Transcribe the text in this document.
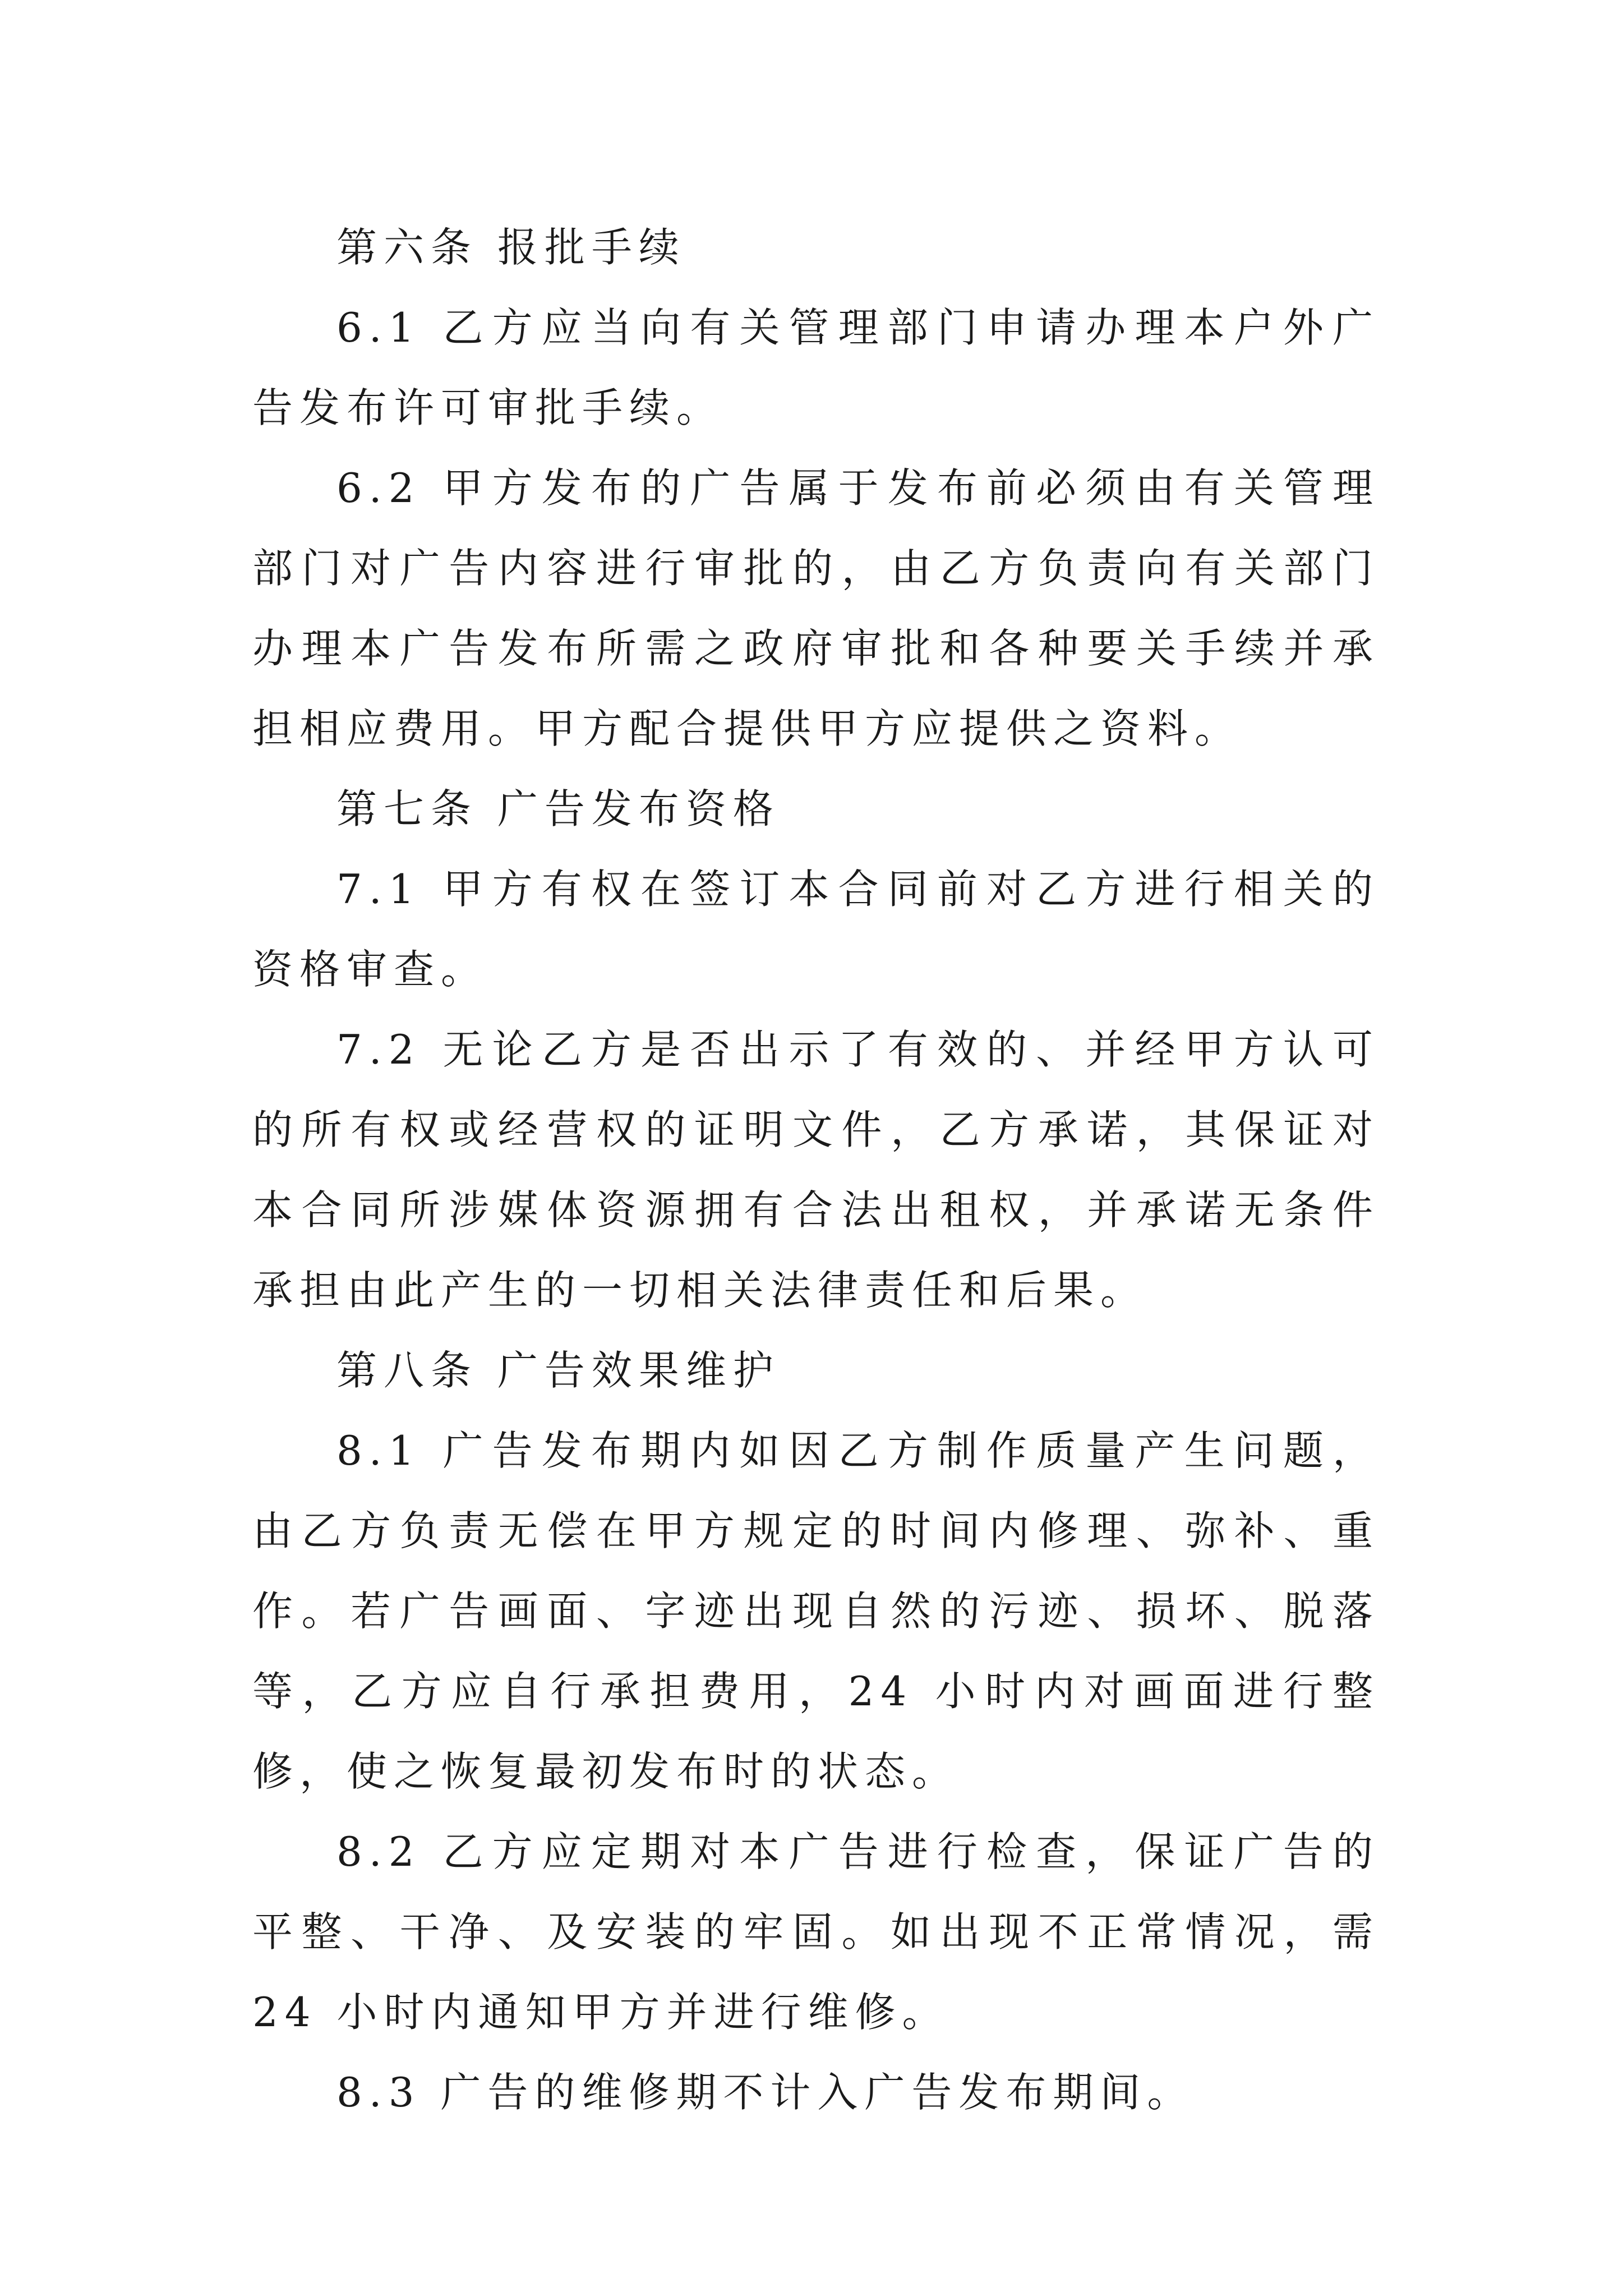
第六条 报批手续

6.1 乙方应当向有关管理部门申请办理本户外广告发布许可审批手续。

6.2 甲方发布的广告属于发布前必须由有关管理部门对广告内容进行审批的，由乙方负责向有关部门办理本广告发布所需之政府审批和各种要关手续并承担相应费用。甲方配合提供甲方应提供之资料。

第七条 广告发布资格

7.1 甲方有权在签订本合同前对乙方进行相关的资格审查。

7.2 无论乙方是否出示了有效的、并经甲方认可的所有权或经营权的证明文件，乙方承诺，其保证对本合同所涉媒体资源拥有合法出租权，并承诺无条件承担由此产生的一切相关法律责任和后果。

第八条 广告效果维护

8.1 广告发布期内如因乙方制作质量产生问题，由乙方负责无偿在甲方规定的时间内修理、弥补、重作。若广告画面、字迹出现自然的污迹、损坏、脱落等，乙方应自行承担费用，24 小时内对画面进行整修，使之恢复最初发布时的状态。

8.2 乙方应定期对本广告进行检查，保证广告的平整、干净、及安装的牢固。如出现不正常情况，需 24 小时内通知甲方并进行维修。

8.3 广告的维修期不计入广告发布期间。
